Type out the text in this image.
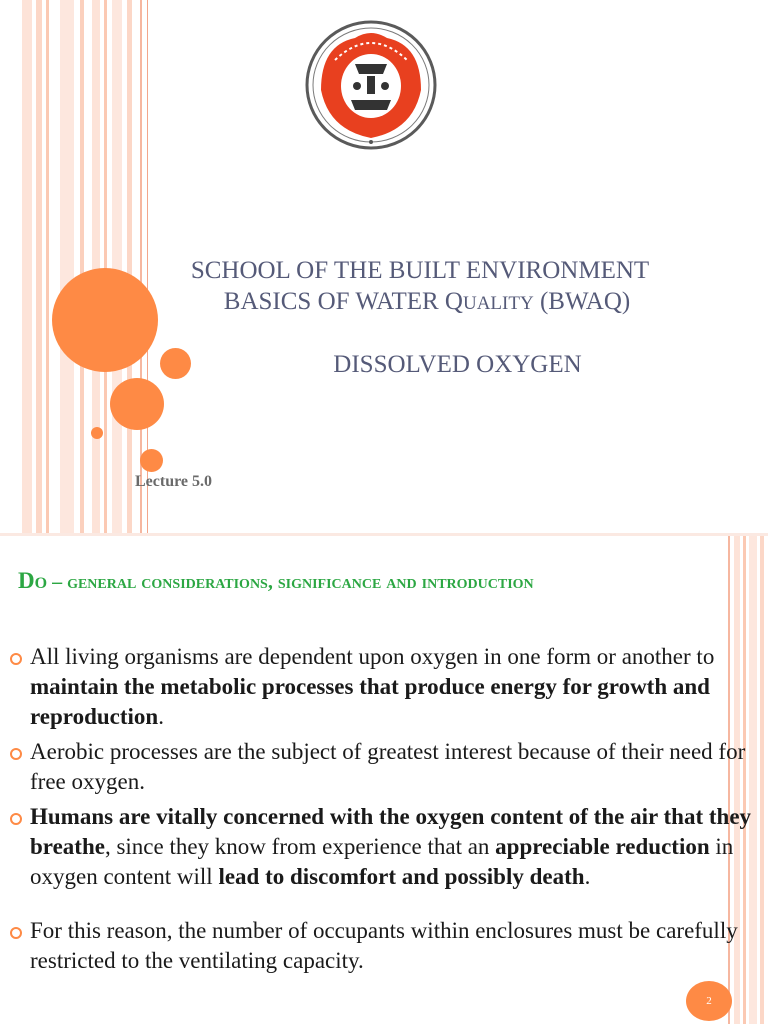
SCHOOL OF THE BUILT ENVIRONMENT
BASICS OF WATER QUALITY (BWAQ)
DISSOLVED OXYGEN
Lecture 5.0
Do – general considerations, significance and introduction
All living organisms are dependent upon oxygen in one form or another to maintain the metabolic processes that produce energy for growth and reproduction.
Aerobic processes are the subject of greatest interest because of their need for free oxygen.
Humans are vitally concerned with the oxygen content of the air that they breathe, since they know from experience that an appreciable reduction in oxygen content will lead to discomfort and possibly death.
For this reason, the number of occupants within enclosures must be carefully restricted to the ventilating capacity.
2
